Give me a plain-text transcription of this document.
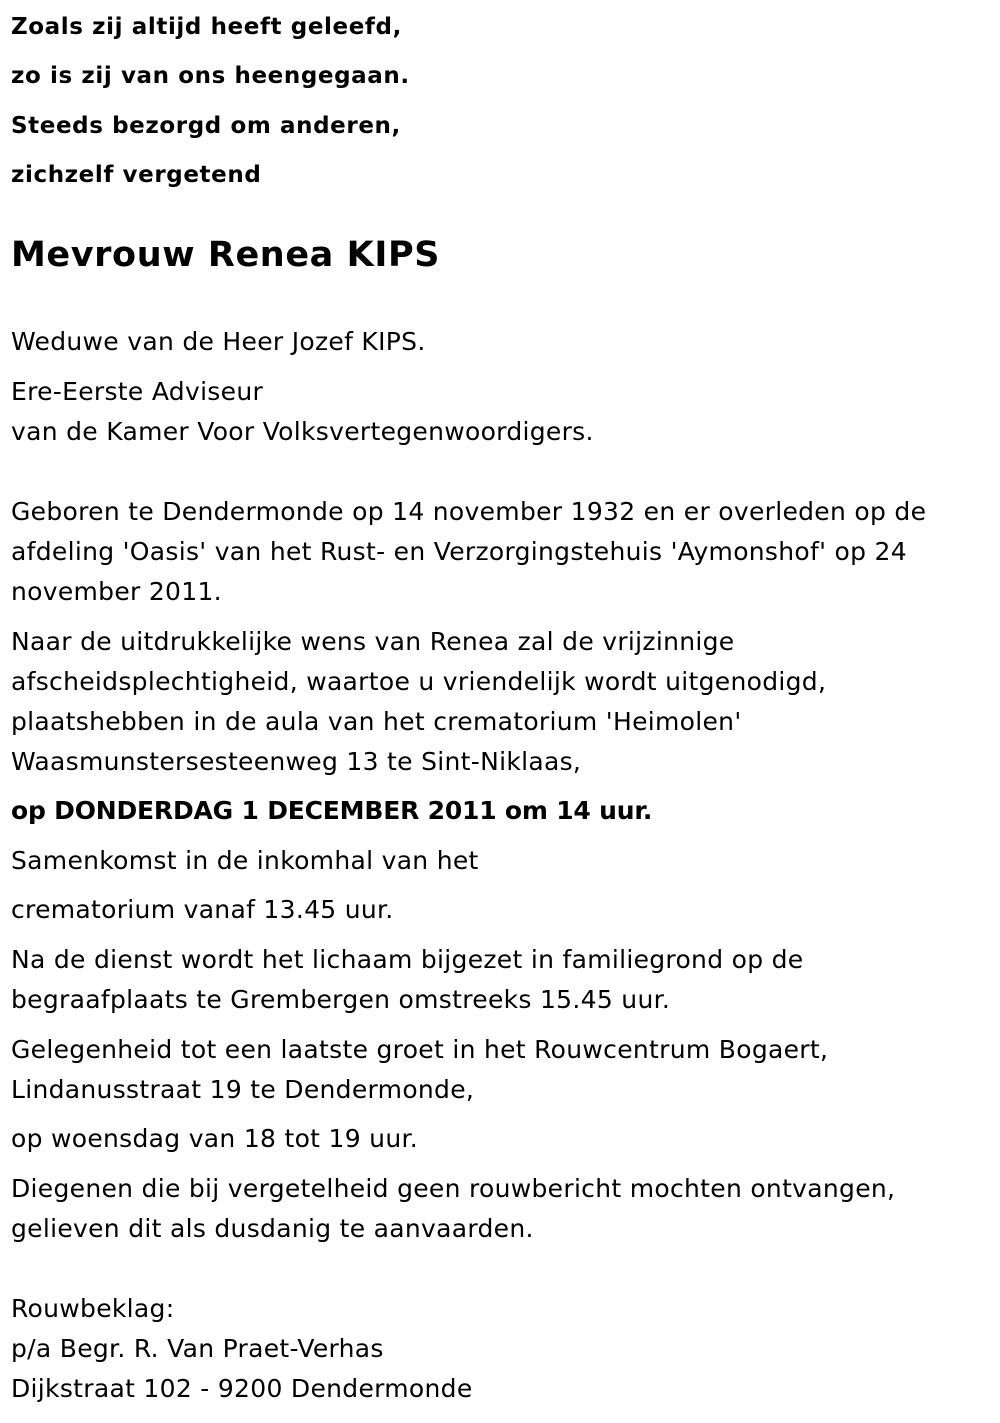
Zoals zij altijd heeft geleefd,
zo is zij van ons heengegaan.
Steeds bezorgd om anderen,
zichzelf vergetend
Mevrouw Renea KIPS
Weduwe van de Heer Jozef KIPS.
Ere-Eerste Adviseur
van de Kamer Voor Volksvertegenwoordigers.
Geboren te Dendermonde op 14 november 1932 en er overleden op de
afdeling 'Oasis' van het Rust- en Verzorgingstehuis 'Aymonshof' op 24
november 2011.
Naar de uitdrukkelijke wens van Renea zal de vrijzinnige
afscheidsplechtigheid, waartoe u vriendelijk wordt uitgenodigd,
plaatshebben in de aula van het crematorium 'Heimolen'
Waasmunstersesteenweg 13 te Sint-Niklaas,
op DONDERDAG 1 DECEMBER 2011 om 14 uur.
Samenkomst in de inkomhal van het
crematorium vanaf 13.45 uur.
Na de dienst wordt het lichaam bijgezet in familiegrond op de
begraafplaats te Grembergen omstreeks 15.45 uur.
Gelegenheid tot een laatste groet in het Rouwcentrum Bogaert,
Lindanusstraat 19 te Dendermonde,
op woensdag van 18 tot 19 uur.
Diegenen die bij vergetelheid geen rouwbericht mochten ontvangen,
gelieven dit als dusdanig te aanvaarden.
Rouwbeklag:
p/a Begr. R. Van Praet-Verhas
Dijkstraat 102 - 9200 Dendermonde
